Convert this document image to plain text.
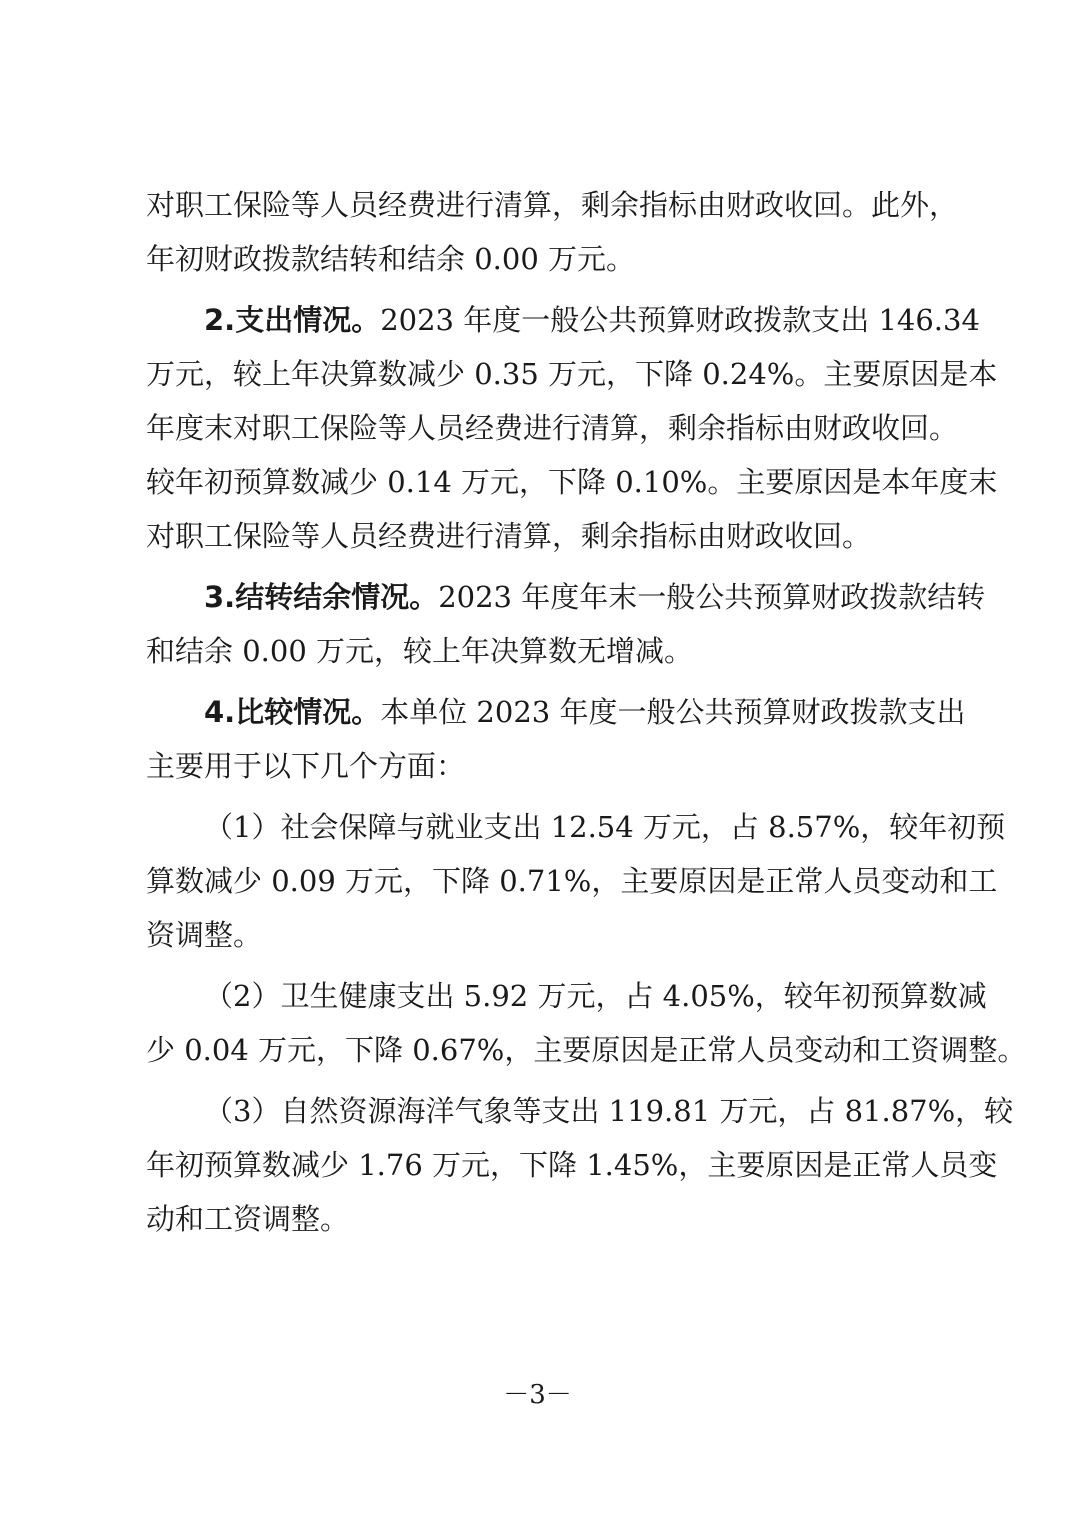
对职工保险等人员经费进行清算，剩余指标由财政收回。此外，
年初财政拨款结转和结余 0.00 万元。
2.支出情况。2023 年度一般公共预算财政拨款支出 146.34
万元，较上年决算数减少 0.35 万元，下降 0.24%。主要原因是本
年度末对职工保险等人员经费进行清算，剩余指标由财政收回。
较年初预算数减少 0.14 万元，下降 0.10%。主要原因是本年度末
对职工保险等人员经费进行清算，剩余指标由财政收回。
3.结转结余情况。2023 年度年末一般公共预算财政拨款结转
和结余 0.00 万元，较上年决算数无增减。
4.比较情况。本单位 2023 年度一般公共预算财政拨款支出
主要用于以下几个方面：
（1）社会保障与就业支出 12.54 万元，占 8.57%，较年初预
算数减少 0.09 万元，下降 0.71%，主要原因是正常人员变动和工
资调整。
（2）卫生健康支出 5.92 万元，占 4.05%，较年初预算数减
少 0.04 万元，下降 0.67%，主要原因是正常人员变动和工资调整。
（3）自然资源海洋气象等支出 119.81 万元，占 81.87%，较
年初预算数减少 1.76 万元，下降 1.45%，主要原因是正常人员变
动和工资调整。
－3－
